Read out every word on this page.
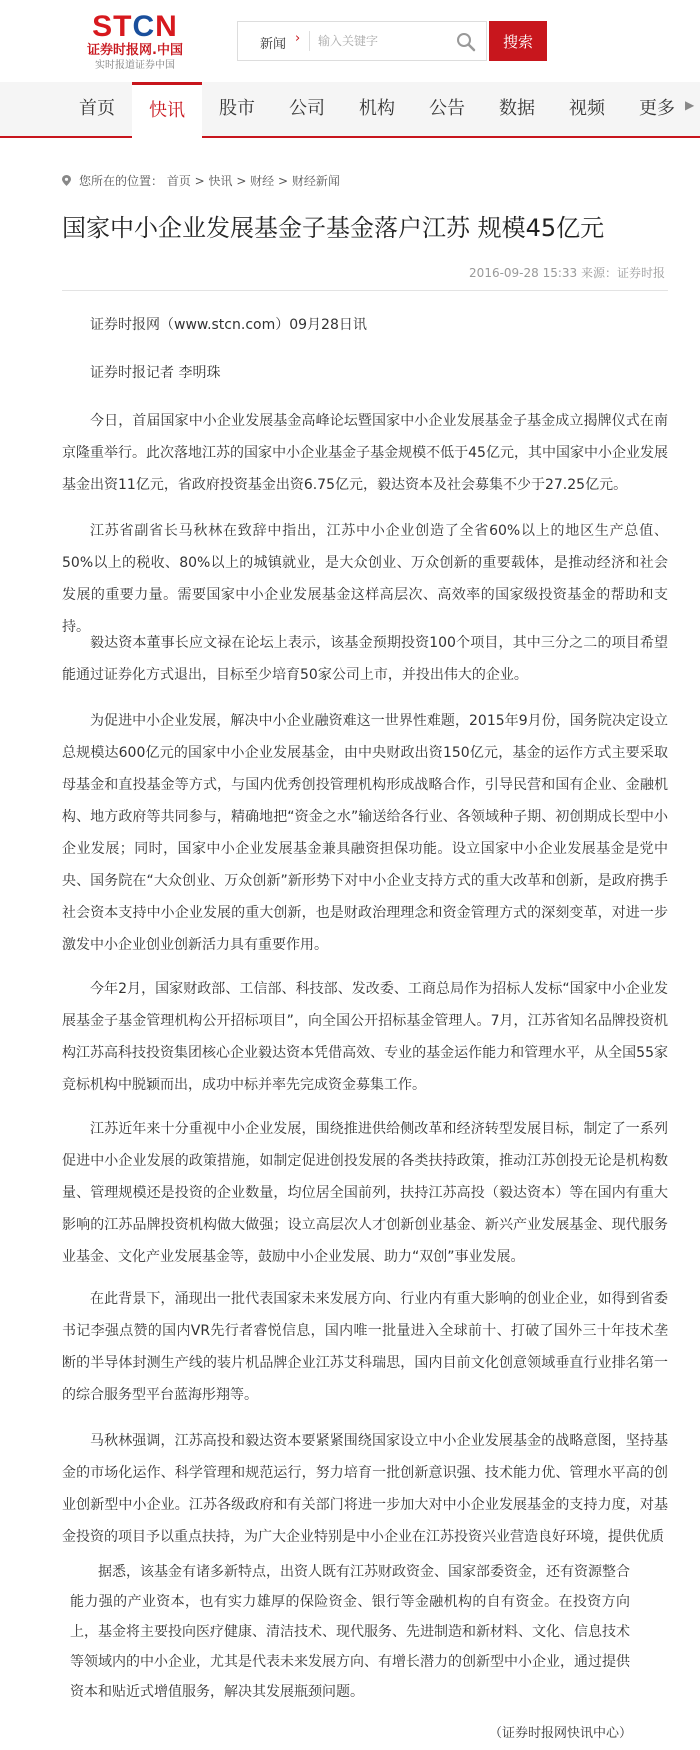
STCN
证券时报网.中国
实时报道证券中国
新闻 ›
输入关键字	搜索
首页	快讯	股市	公司	机构	公告	数据	视频	更多 ▶
您所在的位置： 首页 > 快讯 > 财经 > 财经新闻
国家中小企业发展基金子基金落户江苏 规模45亿元
2016-09-28 15:33 来源：证券时报

证券时报网（www.stcn.com）09月28日讯

证券时报记者 李明珠

今日，首届国家中小企业发展基金高峰论坛暨国家中小企业发展基金子基金成立揭牌仪式在南京隆重举行。此次落地江苏的国家中小企业基金子基金规模不低于45亿元，其中国家中小企业发展基金出资11亿元，省政府投资基金出资6.75亿元，毅达资本及社会募集不少于27.25亿元。

江苏省副省长马秋林在致辞中指出，江苏中小企业创造了全省60%以上的地区生产总值、50%以上的税收、80%以上的城镇就业，是大众创业、万众创新的重要载体，是推动经济和社会发展的重要力量。需要国家中小企业发展基金这样高层次、高效率的国家级投资基金的帮助和支持。

毅达资本董事长应文禄在论坛上表示，该基金预期投资100个项目，其中三分之二的项目希望能通过证券化方式退出，目标至少培育50家公司上市，并投出伟大的企业。

为促进中小企业发展，解决中小企业融资难这一世界性难题，2015年9月份，国务院决定设立总规模达600亿元的国家中小企业发展基金，由中央财政出资150亿元，基金的运作方式主要采取母基金和直投基金等方式，与国内优秀创投管理机构形成战略合作，引导民营和国有企业、金融机构、地方政府等共同参与，精确地把“资金之水”输送给各行业、各领域种子期、初创期成长型中小企业发展；同时，国家中小企业发展基金兼具融资担保功能。设立国家中小企业发展基金是党中央、国务院在“大众创业、万众创新”新形势下对中小企业支持方式的重大改革和创新，是政府携手社会资本支持中小企业发展的重大创新，也是财政治理理念和资金管理方式的深刻变革，对进一步激发中小企业创业创新活力具有重要作用。

今年2月，国家财政部、工信部、科技部、发改委、工商总局作为招标人发标“国家中小企业发展基金子基金管理机构公开招标项目”，向全国公开招标基金管理人。7月，江苏省知名品牌投资机构江苏高科技投资集团核心企业毅达资本凭借高效、专业的基金运作能力和管理水平，从全国55家竞标机构中脱颖而出，成功中标并率先完成资金募集工作。

江苏近年来十分重视中小企业发展，围绕推进供给侧改革和经济转型发展目标，制定了一系列促进中小企业发展的政策措施，如制定促进创投发展的各类扶持政策，推动江苏创投无论是机构数量、管理规模还是投资的企业数量，均位居全国前列，扶持江苏高投（毅达资本）等在国内有重大影响的江苏品牌投资机构做大做强；设立高层次人才创新创业基金、新兴产业发展基金、现代服务业基金、文化产业发展基金等，鼓励中小企业发展、助力“双创”事业发展。

在此背景下，涌现出一批代表国家未来发展方向、行业内有重大影响的创业企业，如得到省委书记李强点赞的国内VR先行者睿悦信息，国内唯一批量进入全球前十、打破了国外三十年技术垄断的半导体封测生产线的装片机品牌企业江苏艾科瑞思，国内目前文化创意领域垂直行业排名第一的综合服务型平台蓝海彤翔等。

马秋林强调，江苏高投和毅达资本要紧紧围绕国家设立中小企业发展基金的战略意图，坚持基金的市场化运作、科学管理和规范运行，努力培育一批创新意识强、技术能力优、管理水平高的创业创新型中小企业。江苏各级政府和有关部门将进一步加大对中小企业发展基金的支持力度，对基金投资的项目予以重点扶持，为广大企业特别是中小企业在江苏投资兴业营造良好环境，提供优质

据悉，该基金有诸多新特点，出资人既有江苏财政资金、国家部委资金，还有资源整合能力强的产业资本，也有实力雄厚的保险资金、银行等金融机构的自有资金。在投资方向上，基金将主要投向医疗健康、清洁技术、现代服务、先进制造和新材料、文化、信息技术等领域内的中小企业，尤其是代表未来发展方向、有增长潜力的创新型中小企业，通过提供资本和贴近式增值服务，解决其发展瓶颈问题。

（证券时报网快讯中心）
